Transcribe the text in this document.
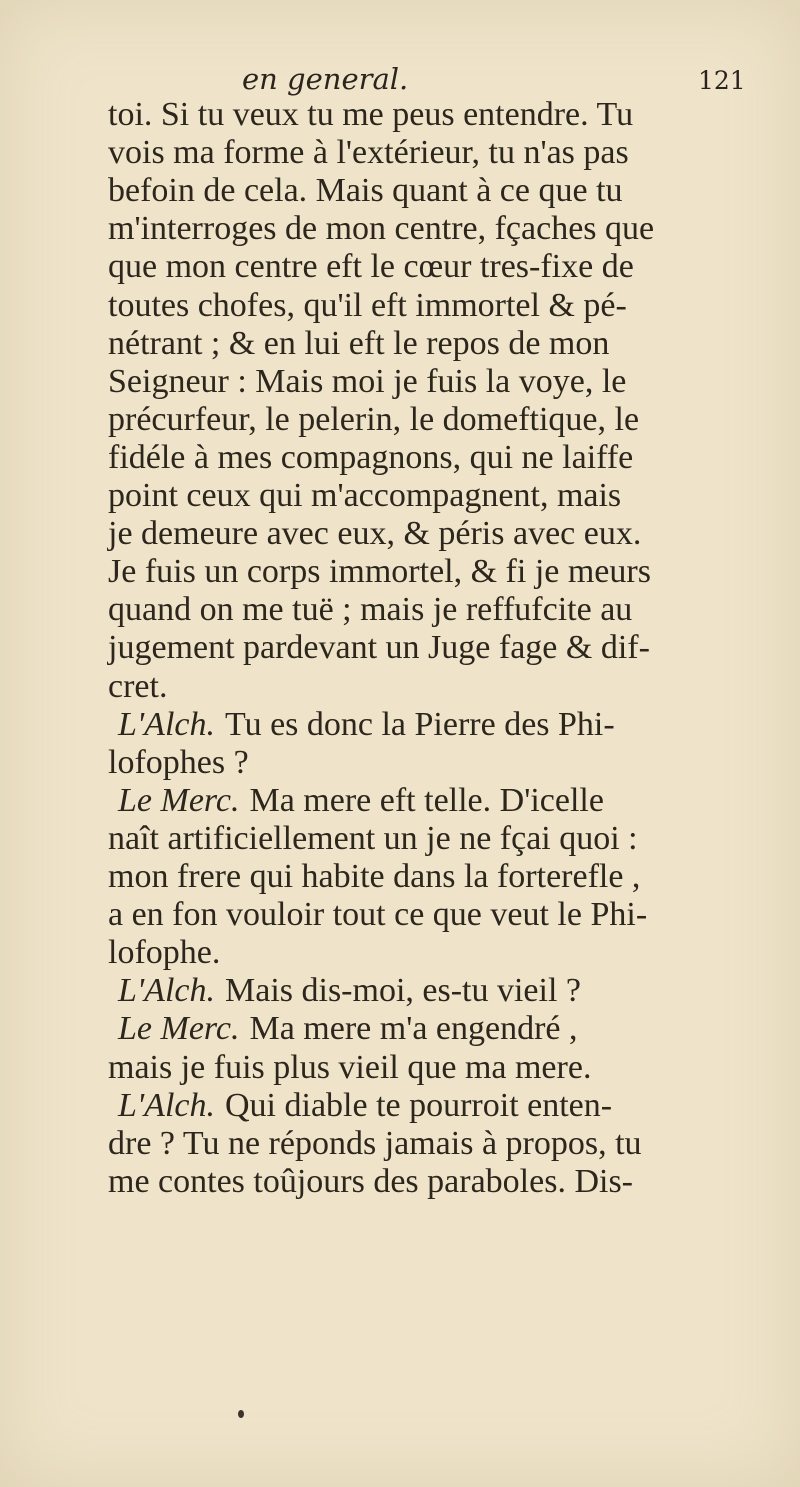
en general.	121
toi. Si tu veux tu me peus entendre. Tu
vois ma forme à l'extérieur, tu n'as pas
befoin de cela. Mais quant à ce que tu
m'interroges de mon centre, fçaches que
que mon centre eft le cœur tres-fixe de
toutes chofes, qu'il eft immortel & pé-
nétrant ; & en lui eft le repos de mon
Seigneur : Mais moi je fuis la voye, le
précurfeur, le pelerin, le domeftique, le
fidéle à mes compagnons, qui ne laiffe
point ceux qui m'accompagnent, mais
je demeure avec eux, & péris avec eux.
Je fuis un corps immortel, & fi je meurs
quand on me tuë ; mais je reffufcite au
jugement pardevant un Juge fage & dif-
cret.
L'Alch. Tu es donc la Pierre des Phi-
lofophes ?
Le Merc. Ma mere eft telle. D'icelle
naît artificiellement un je ne fçai quoi :
mon frere qui habite dans la forterefle ,
a en fon vouloir tout ce que veut le Phi-
lofophe.
L'Alch. Mais dis-moi, es-tu vieil ?
Le Merc. Ma mere m'a engendré ,
mais je fuis plus vieil que ma mere.
L'Alch. Qui diable te pourroit enten-
dre ? Tu ne réponds jamais à propos, tu
me contes toûjours des paraboles. Dis-
